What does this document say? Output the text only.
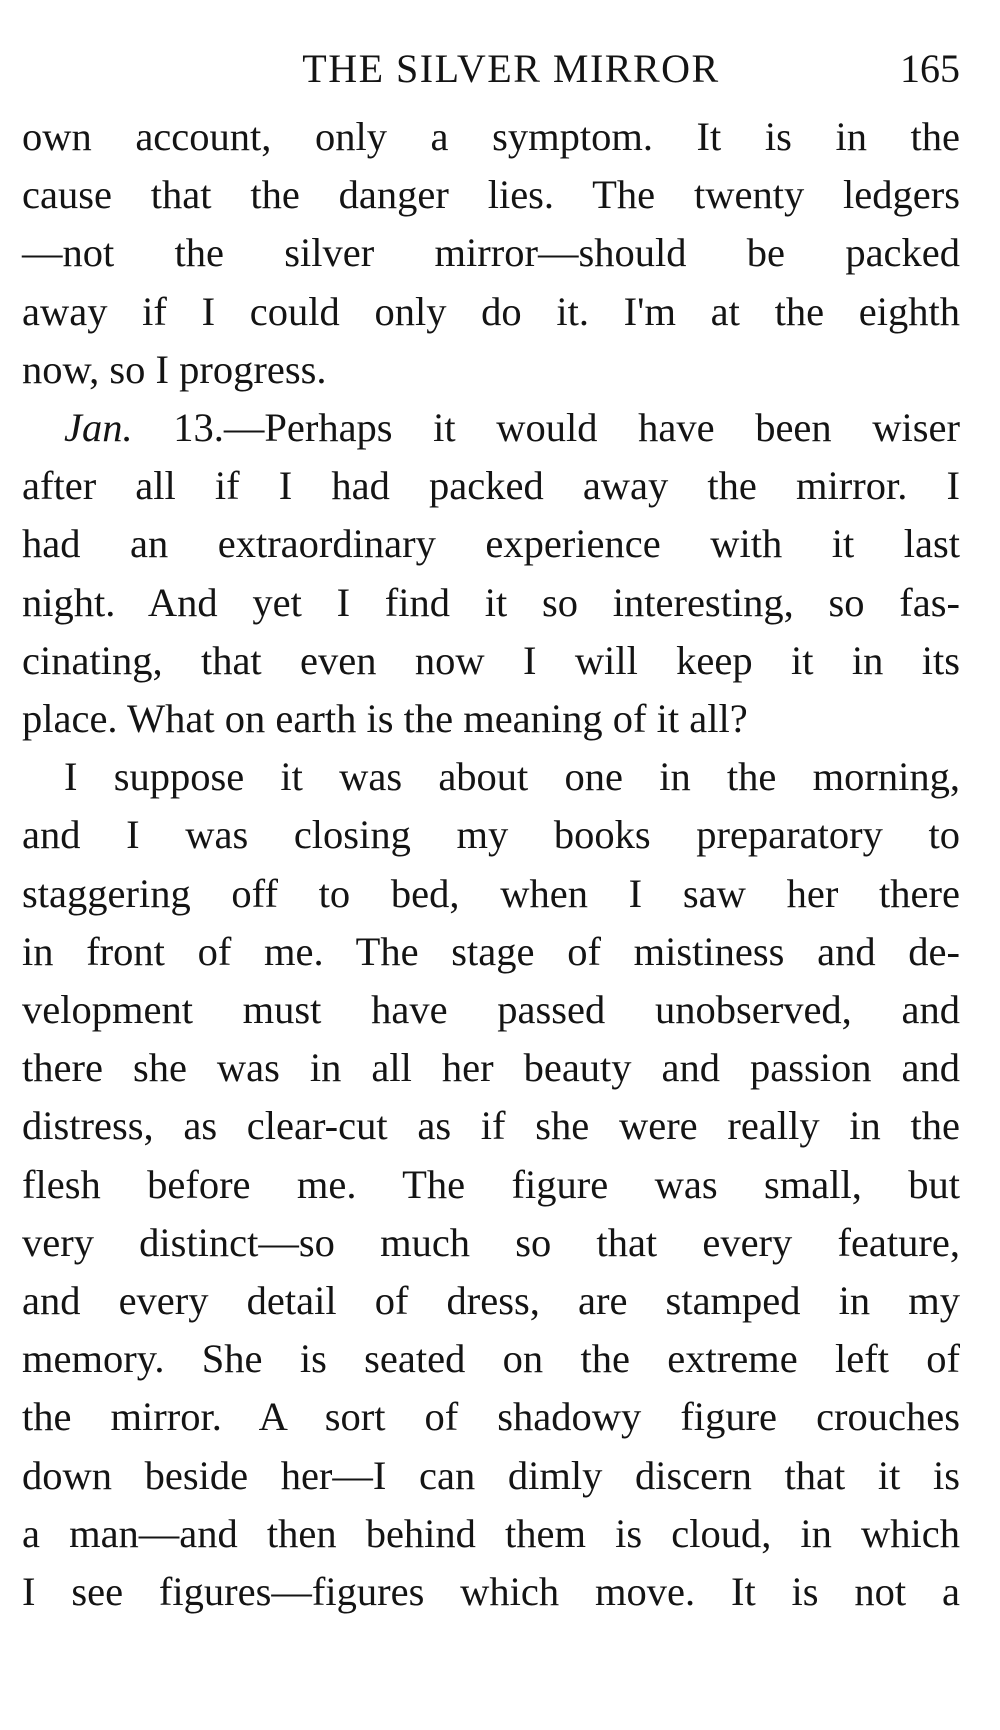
THE SILVER MIRROR	165
own account, only a symptom. It is in the
cause that the danger lies. The twenty ledgers
—not the silver mirror—should be packed
away if I could only do it. I'm at the eighth
now, so I progress.
Jan. 13.—Perhaps it would have been wiser
after all if I had packed away the mirror. I
had an extraordinary experience with it last
night. And yet I find it so interesting, so fas-
cinating, that even now I will keep it in its
place. What on earth is the meaning of it all?
I suppose it was about one in the morning,
and I was closing my books preparatory to
staggering off to bed, when I saw her there
in front of me. The stage of mistiness and de-
velopment must have passed unobserved, and
there she was in all her beauty and passion and
distress, as clear-cut as if she were really in the
flesh before me. The figure was small, but
very distinct—so much so that every feature,
and every detail of dress, are stamped in my
memory. She is seated on the extreme left of
the mirror. A sort of shadowy figure crouches
down beside her—I can dimly discern that it is
a man—and then behind them is cloud, in which
I see figures—figures which move. It is not a
